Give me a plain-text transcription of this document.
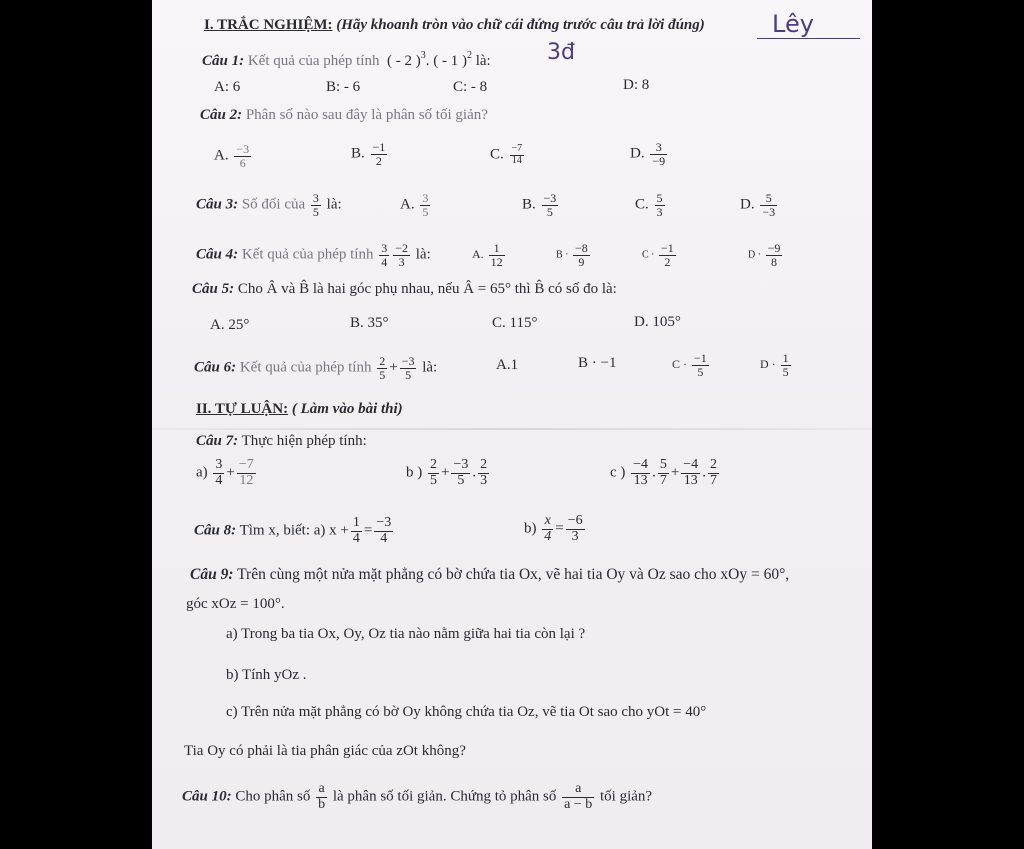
I. TRẮC NGHIỆM: (Hãy khoanh tròn vào chữ cái đứng trước câu trả lời đúng)	Lêy
Câu 1: Kết quả của phép tính ( - 2 )$^3$. ( - 1 )$^2$ là:	3đ
A: 6	B: - 6	C: - 8	D: 8
Câu 2: Phân số nào sau đây là phân số tối giản?
A. $\frac{-3}{6}$	B. $\frac{-1}{2}$	C. $\frac{-7}{14}$	D. $\frac{3}{-9}$
Câu 3: Số đối của $\frac{3}{5}$ là:	A. $\frac{3}{5}$	B. $\frac{-3}{5}$	C. $\frac{5}{3}$	D. $\frac{5}{-3}$
Câu 4: Kết quả của phép tính $\frac{3}{4} \frac{-2}{3}$ là:	A. $\frac{1}{12}$	$B \cdot \frac{-8}{9}$	$C \cdot \frac{-1}{2}$	$D \cdot \frac{-9}{8}$
Câu 5: Cho Â và B̂ là hai góc phụ nhau, nếu Â = 65° thì B̂ có số đo là:
A. 25°	B. 35°	C. 115°	D. 105°
Câu 6: Kết quả của phép tính $\frac{2}{5} + \frac{-3}{5}$ là:	A.1	B · −1	$C \cdot \frac{-1}{5}$	$D \cdot \frac{1}{5}$
II. TỰ LUẬN: ( Làm vào bài thi)
Câu 7: Thực hiện phép tính:
$a) \frac{3}{4} + \frac{-7}{12}$	b ) $\frac{2}{5} + \frac{-3}{5}$ . $\frac{2}{3}$	c ) $\frac{-4}{13}$ . $\frac{5}{7} + \frac{-4}{13}$ . $\frac{2}{7}$
Câu 8: Tìm x, biết: a) $x + \frac{1}{4} = \frac{-3}{4}$	$b) \frac{x}{4} = \frac{-6}{3}$
Câu 9: Trên cùng một nửa mặt phẳng có bờ chứa tia Ox, vẽ hai tia Oy và Oz sao cho xOy = 60°,
góc xOz = 100°.
a) Trong ba tia Ox, Oy, Oz tia nào nằm giữa hai tia còn lại ?
b) Tính yOz .
c) Trên nửa mặt phẳng có bờ Oy không chứa tia Oz, vẽ tia Ot sao cho yOt = 40°
Tia Oy có phải là tia phân giác của zOt không?
Câu 10: Cho phân số $\frac{a}{b}$ là phân số tối giản. Chứng tỏ phân số $\frac{a}{a - b}$ tối giản?
